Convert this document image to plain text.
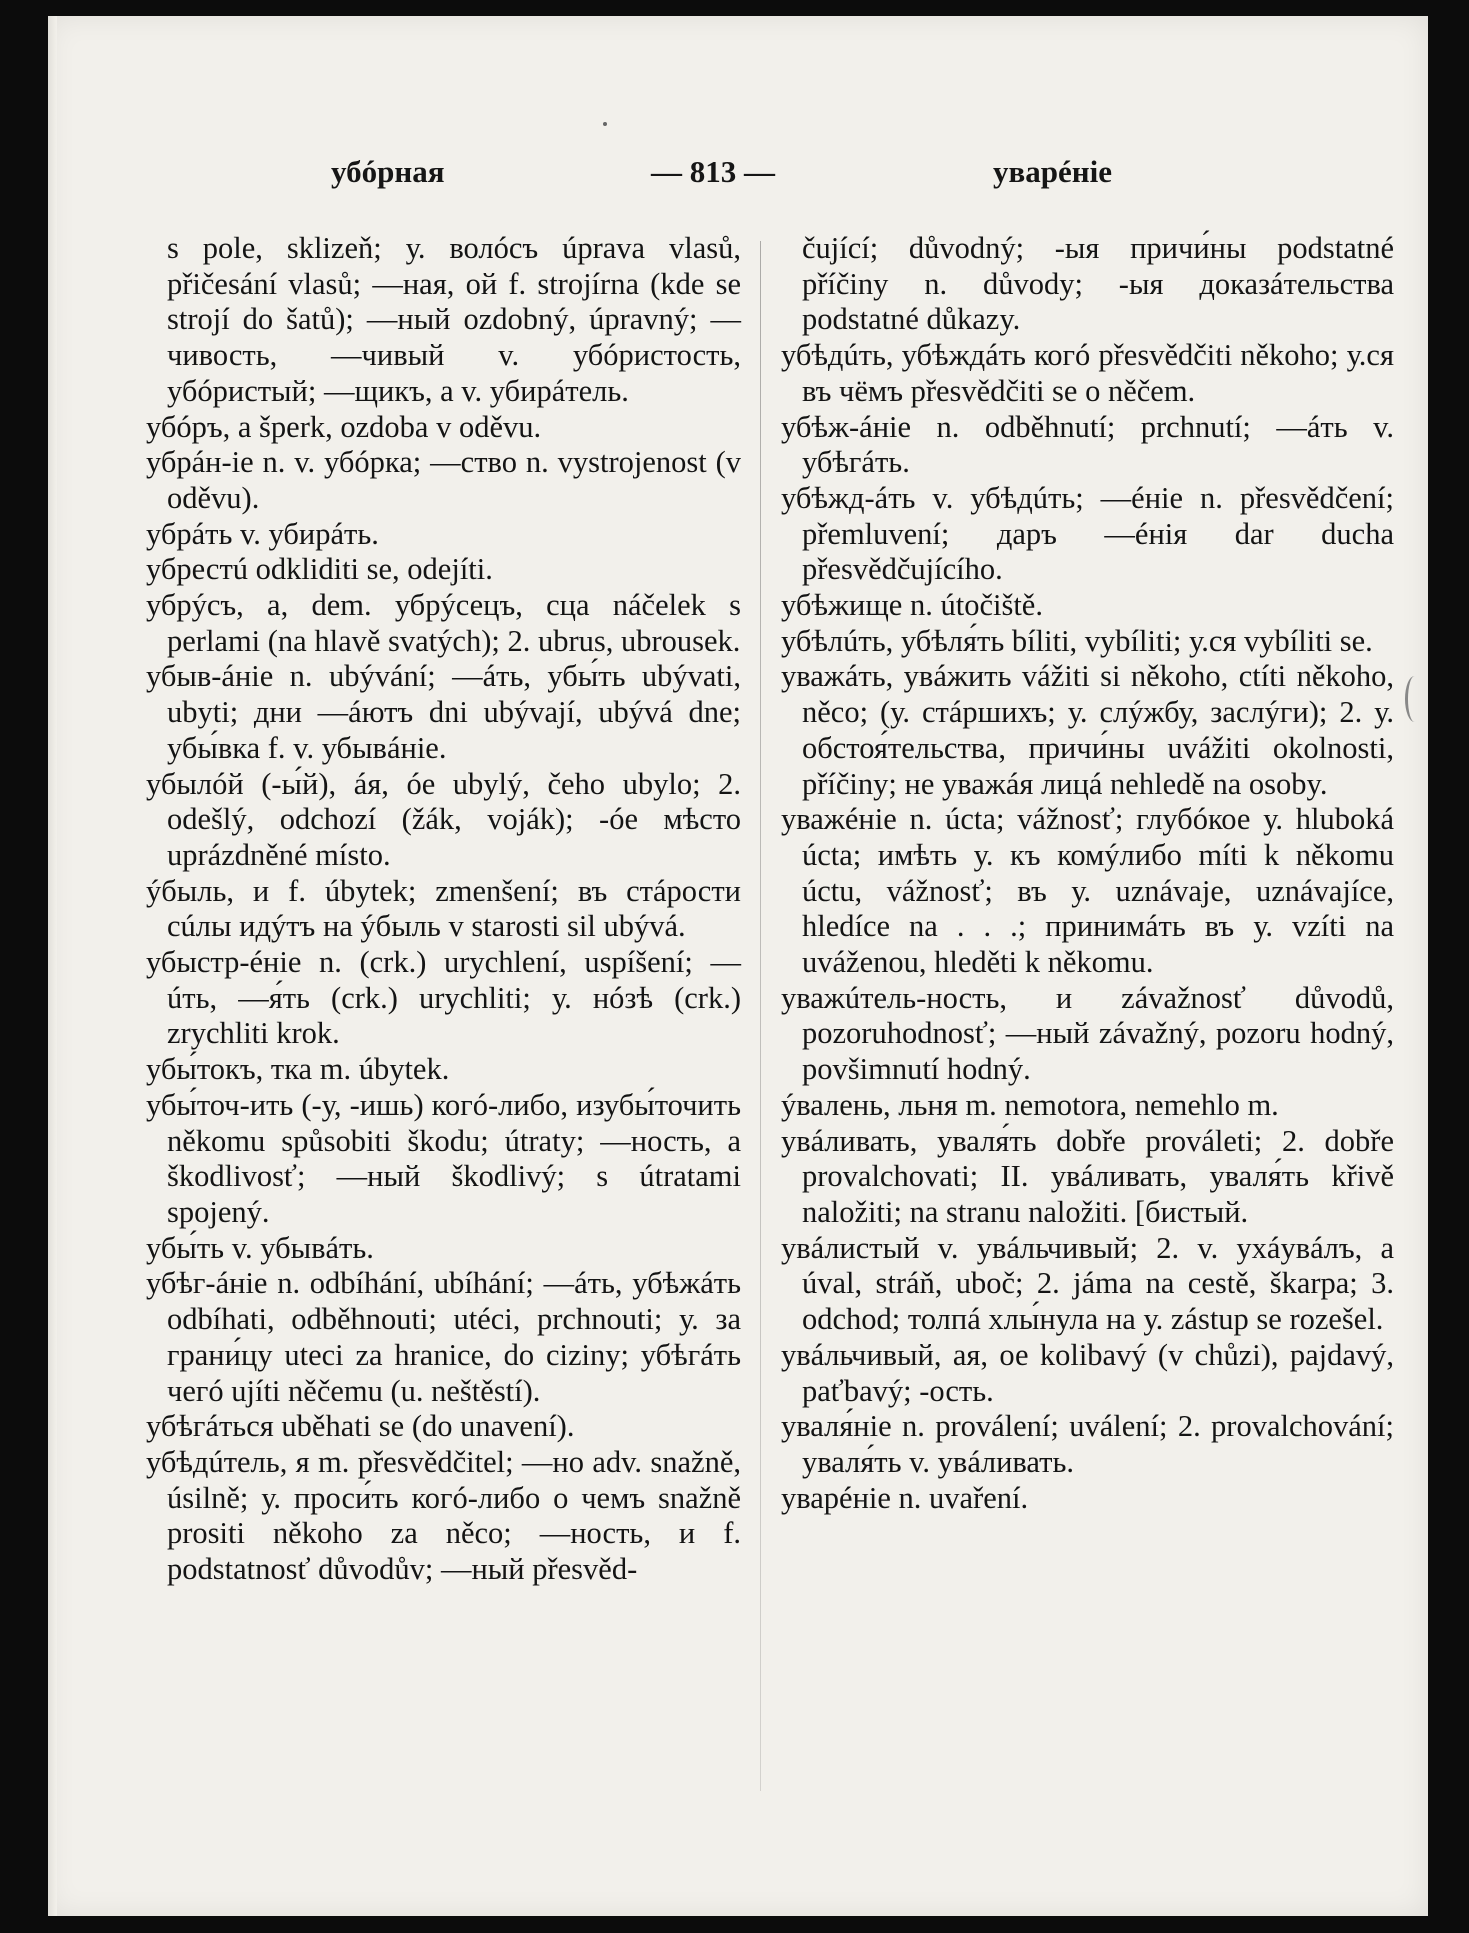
убóрная	— 813 —	уварéніе

s pole, sklizeň; у. волóсъ úprava vlasů, přičesání vlasů; —ная, ой f. strojírna (kde se strojí do šatů); —ный ozdobný, úpravný; —чивость, —чивый v. убóристость, убóристый; —щикъ, а v. убирáтель.

убóръ, а šperk, ozdoba v oděvu.

убрáн-іе n. v. убóрка; —ство n. vystrojenost (v oděvu).

убрáть v. убирáть.

убрестú odkliditi se, odejíti.

убрýсъ, а, dem. убрýсецъ, сца náčelek s perlami (na hlavě svatých); 2. ubrus, ubrousek.

убыв-áніе n. ubývání; —áть, убы́ть ubývati, ubyti; дни —áютъ dni ubývají, ubývá dne; убы́вка f. v. убывáніе.

убылóй (-ы́й), áя, óе ubylý, čeho ubylo; 2. odešlý, odchozí (žák, voják); -óе мѣсто uprázdněné místo.

ýбыль, и f. úbytek; zmenšení; въ стáрости сúлы идýтъ на ýбыль v starosti sil ubývá.

убыстр-éніе n. (crk.) urychlení, uspíšení; —úть, —я́ть (crk.) urychliti; у. нóзѣ (crk.) zrychliti krok.

убы́токъ, тка m. úbytek.

убы́точ-ить (-у, -ишь) когó-либо, изубы́точить někomu spůsobiti škodu; útraty; —ность, а škodlivosť; —ный škodlivý; s útratami spojený.

убы́ть v. убывáть.

убѣг-áніе n. odbíhání, ubíhání; —áть, убѣжáть odbíhati, odběhnouti; utéci, prchnouti; у. за грани́цу uteci za hranice, do ciziny; убѣгáть чегó ujíti něčemu (u. neštěstí).

убѣгáться uběhati se (do unavení).

убѣдúтель, я m. přesvědčitel; —но adv. snažně, úsilně; у. проси́ть когó-либо о чемъ snažně prositi někoho za něco; —ность, и f. podstatnosť důvodův; —ный přesvěd-

čující; důvodný; -ыя причи́ны podstatné příčiny n. důvody; -ыя доказáтельства podstatné důkazy.

убѣдúть, убѣждáть когó přesvědčiti někoho; у.ся въ чёмъ přesvědčiti se o něčem.

убѣж-áніе n. odběhnutí; prchnutí; —áть v. убѣгáть.

убѣжд-áть v. убѣдúть; —éніе n. přesvědčení; přemluvení; даръ —éнія dar ducha přesvědčujícího.

убѣжище n. útočiště.

убѣлúть, убѣля́ть bíliti, vybíliti; у.ся vybíliti se.

уважáть, увáжить vážiti si někoho, ctíti někoho, něco; (у. стáршихъ; у. слýжбу, заслýги); 2. у. обстоя́тельства, причи́ны uvážiti okolnosti, příčiny; не уважáя лицá nehledě na osoby.

уважéніе n. úcta; vážnosť; глубóкое у. hluboká úcta; имѣть у. къ комýлибо míti k někomu úctu, vážnosť; въ у. uznávaje, uznávajíce, hledíce na . . .; принимáть въ у. vzíti na uváženou, hleděti k někomu.

уважúтель-ность, и závažnosť důvodů, pozoruhodnosť; —ный závažný, pozoru hodný, povšimnutí hodný.

ýвалень, льня m. nemotora, nemehlo m.

увáливать, уваля́ть dobře prováleti; 2. dobře provalchovati; II. увáливать, уваля́ть křivě naložiti; na stranu naložiti. [бистый.

увáлистый v. увáльчивый; 2. v. ухáувáлъ, а úval, stráň, uboč; 2. jáma na cestě, škarpa; 3. odchod; толпá хлы́нула на у. zástup se rozešel.

увáльчивый, ая, ое kolibavý (v chůzi), pajdavý, paťbavý; -ость.

уваля́ніе n. proválení; uválení; 2. provalchování; уваля́ть v. увáливать.

уварéніе n. uvaření.
